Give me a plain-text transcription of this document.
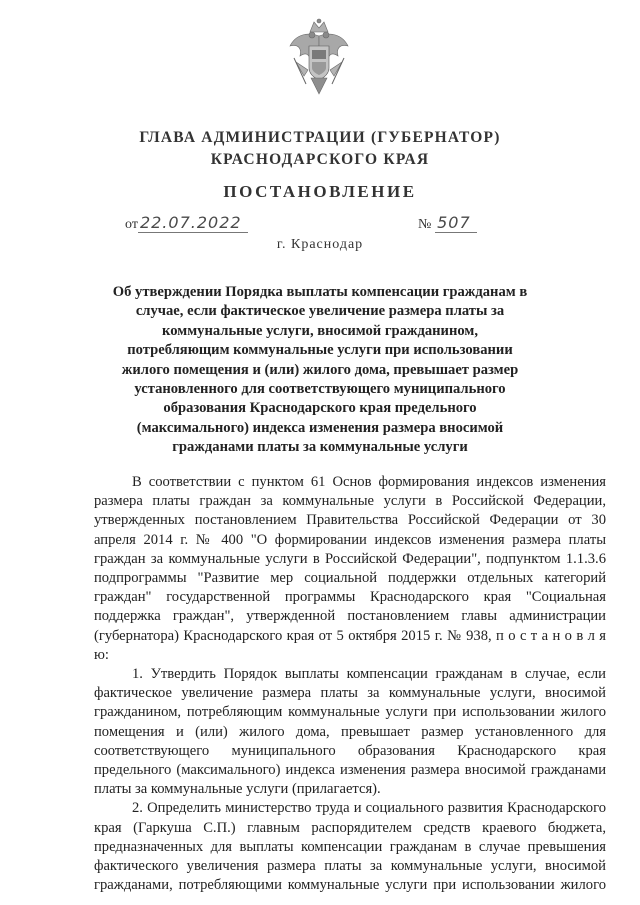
ГЛАВА АДМИНИСТРАЦИИ (ГУБЕРНАТОР)
КРАСНОДАРСКОГО КРАЯ
ПОСТАНОВЛЕНИЕ
от 22.07.2022	№ 507
г. Краснодар
Об утверждении Порядка выплаты компенсации гражданам в случае, если фактическое увеличение размера платы за коммунальные услуги, вносимой гражданином, потребляющим коммунальные услуги при использовании жилого помещения и (или) жилого дома, превышает размер установленного для соответствующего муниципального образования Краснодарского края предельного (максимального) индекса изменения размера вносимой гражданами платы за коммунальные услуги

В соответствии с пунктом 61 Основ формирования индексов изменения размера платы граждан за коммунальные услуги в Российской Федерации, утвержденных постановлением Правительства Российской Федерации от 30 апреля 2014 г. № 400 "О формировании индексов изменения размера платы граждан за коммунальные услуги в Российской Федерации", подпунктом 1.1.3.6 подпрограммы "Развитие мер социальной поддержки отдельных категорий граждан" государственной программы Краснодарского края "Социальная поддержка граждан", утвержденной постановлением главы администрации (губернатора) Краснодарского края от 5 октября 2015 г. № 938, п о с т а н о в л я ю:

1. Утвердить Порядок выплаты компенсации гражданам в случае, если фактическое увеличение размера платы за коммунальные услуги, вносимой гражданином, потребляющим коммунальные услуги при использовании жилого помещения и (или) жилого дома, превышает размер установленного для соответствующего муниципального образования Краснодарского края предельного (максимального) индекса изменения размера вносимой гражданами платы за коммунальные услуги (прилагается).

2. Определить министерство труда и социального развития Краснодарского края (Гаркуша С.П.) главным распорядителем средств краевого бюджета, предназначенных для выплаты компенсации гражданам в случае превышения фактического увеличения размера платы за коммунальные услуги, вносимой гражданами, потребляющими коммунальные услуги при использовании жилого
